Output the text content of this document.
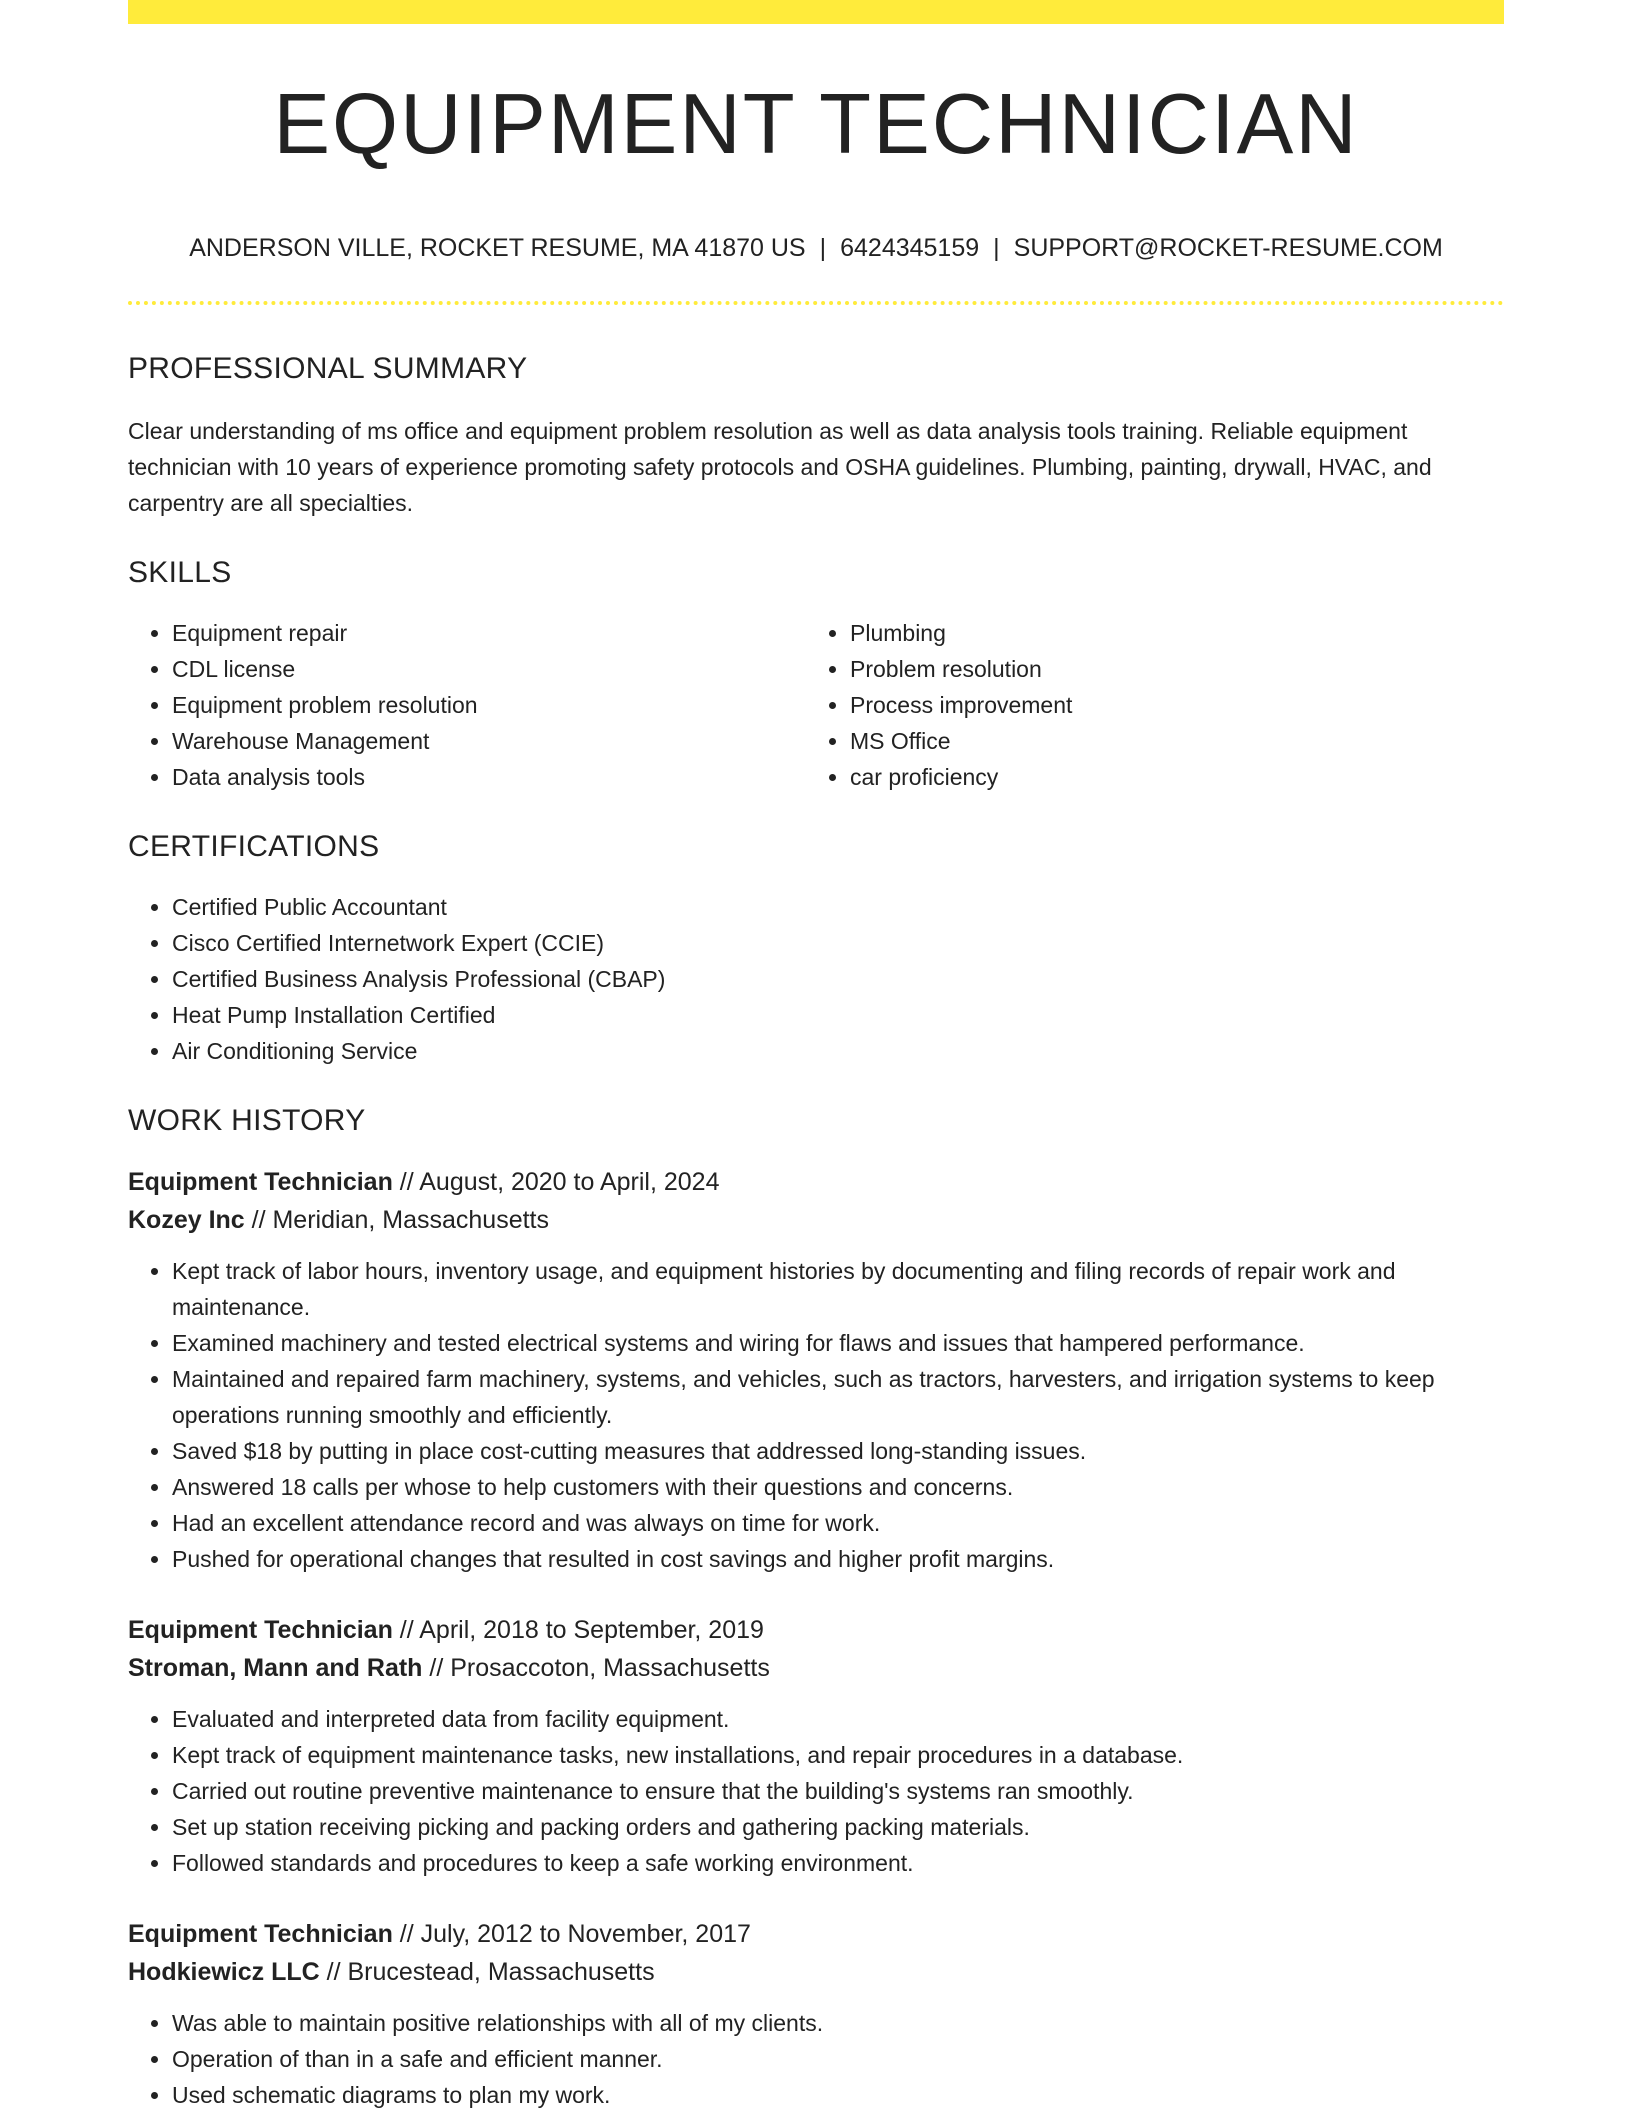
EQUIPMENT TECHNICIAN
ANDERSON VILLE, ROCKET RESUME, MA 41870 US | 6424345159 | SUPPORT@ROCKET-RESUME.COM
PROFESSIONAL SUMMARY
Clear understanding of ms office and equipment problem resolution as well as data analysis tools training. Reliable equipment technician with 10 years of experience promoting safety protocols and OSHA guidelines. Plumbing, painting, drywall, HVAC, and carpentry are all specialties.
SKILLS
• Equipment repair
• CDL license
• Equipment problem resolution
• Warehouse Management
• Data analysis tools
• Plumbing
• Problem resolution
• Process improvement
• MS Office
• car proficiency
CERTIFICATIONS
• Certified Public Accountant
• Cisco Certified Internetwork Expert (CCIE)
• Certified Business Analysis Professional (CBAP)
• Heat Pump Installation Certified
• Air Conditioning Service
WORK HISTORY
Equipment Technician // August, 2020 to April, 2024
Kozey Inc // Meridian, Massachusetts
• Kept track of labor hours, inventory usage, and equipment histories by documenting and filing records of repair work and maintenance.
• Examined machinery and tested electrical systems and wiring for flaws and issues that hampered performance.
• Maintained and repaired farm machinery, systems, and vehicles, such as tractors, harvesters, and irrigation systems to keep operations running smoothly and efficiently.
• Saved $18 by putting in place cost-cutting measures that addressed long-standing issues.
• Answered 18 calls per whose to help customers with their questions and concerns.
• Had an excellent attendance record and was always on time for work.
• Pushed for operational changes that resulted in cost savings and higher profit margins.
Equipment Technician // April, 2018 to September, 2019
Stroman, Mann and Rath // Prosaccoton, Massachusetts
• Evaluated and interpreted data from facility equipment.
• Kept track of equipment maintenance tasks, new installations, and repair procedures in a database.
• Carried out routine preventive maintenance to ensure that the building's systems ran smoothly.
• Set up station receiving picking and packing orders and gathering packing materials.
• Followed standards and procedures to keep a safe working environment.
Equipment Technician // July, 2012 to November, 2017
Hodkiewicz LLC // Brucestead, Massachusetts
• Was able to maintain positive relationships with all of my clients.
• Operation of than in a safe and efficient manner.
• Used schematic diagrams to plan my work.
